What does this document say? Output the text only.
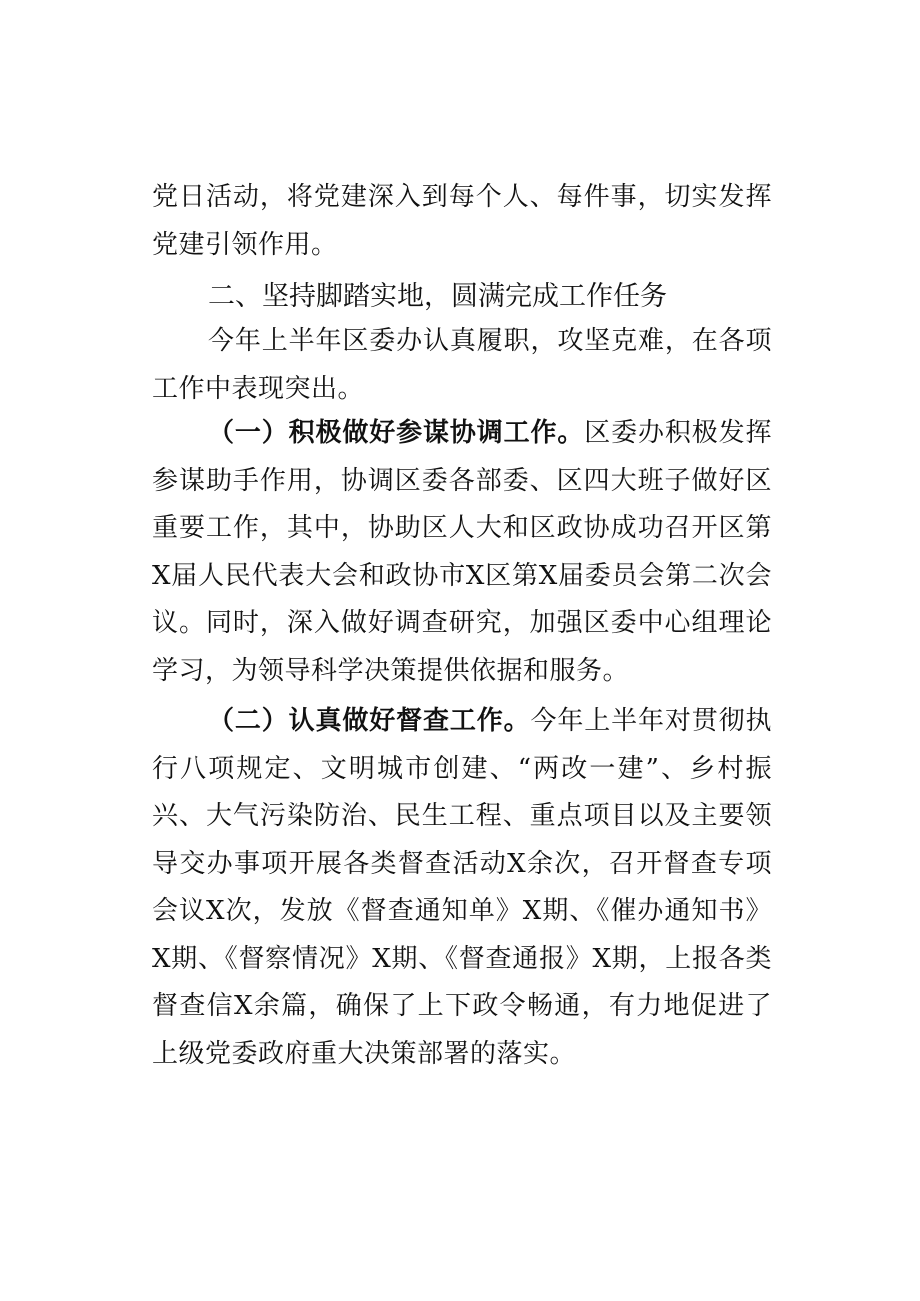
党日活动，将党建深入到每个人、每件事，切实发挥党建引领作用。

二、坚持脚踏实地，圆满完成工作任务

今年上半年区委办认真履职，攻坚克难，在各项工作中表现突出。

（一）积极做好参谋协调工作。区委办积极发挥参谋助手作用，协调区委各部委、区四大班子做好区重要工作，其中，协助区人大和区政协成功召开区第X届人民代表大会和政协市X区第X届委员会第二次会议。同时，深入做好调查研究，加强区委中心组理论学习，为领导科学决策提供依据和服务。

（二）认真做好督查工作。今年上半年对贯彻执行八项规定、文明城市创建、“两改一建”、乡村振兴、大气污染防治、民生工程、重点项目以及主要领导交办事项开展各类督查活动X余次，召开督查专项会议X次，发放《督查通知单》X期、《催办通知书》X期、《督察情况》X期、《督查通报》X期，上报各类督查信X余篇，确保了上下政令畅通，有力地促进了上级党委政府重大决策部署的落实。
